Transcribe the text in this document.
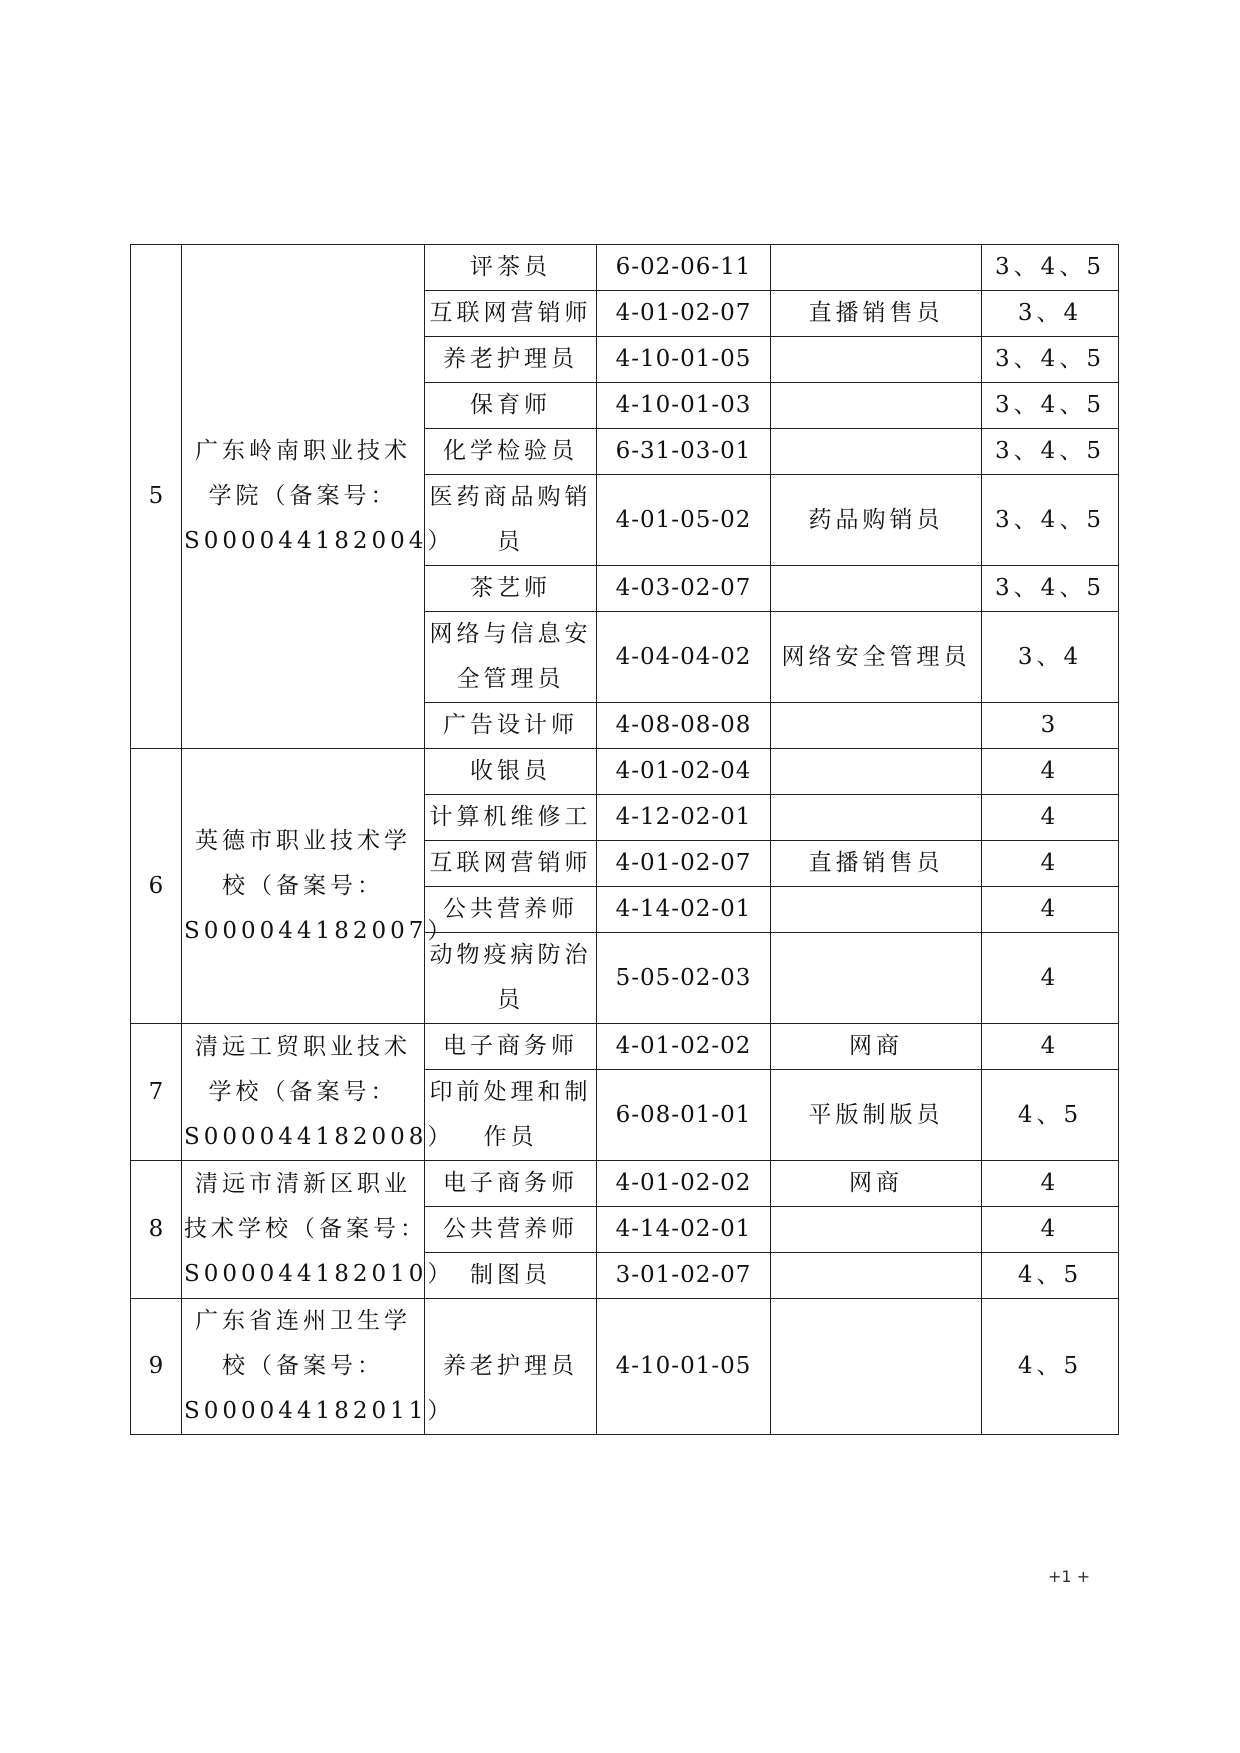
5	广东岭南职业技术
学院（备案号：
S000044182004）	评茶员	6-02-06-11		3、4、5
		互联网营销师	4-01-02-07	直播销售员	3、4
		养老护理员	4-10-01-05		3、4、5
		保育师	4-10-01-03		3、4、5
		化学检验员	6-31-03-01		3、4、5
		医药商品购销员	4-01-05-02	药品购销员	3、4、5
		茶艺师	4-03-02-07		3、4、5
		网络与信息安全管理员	4-04-04-02	网络安全管理员	3、4
		广告设计师	4-08-08-08		3
6	英德市职业技术学
校（备案号：
S000044182007）	收银员	4-01-02-04		4
		计算机维修工	4-12-02-01		4
		互联网营销师	4-01-02-07	直播销售员	4
		公共营养师	4-14-02-01		4
		动物疫病防治员	5-05-02-03		4
7	清远工贸职业技术
学校（备案号：
S000044182008）	电子商务师	4-01-02-02	网商	4
		印前处理和制作员	6-08-01-01	平版制版员	4、5
8	清远市清新区职业
技术学校（备案号：
S000044182010）	电子商务师	4-01-02-02	网商	4
		公共营养师	4-14-02-01		4
		制图员	3-01-02-07		4、5
9	广东省连州卫生学
校（备案号：
S000044182011）	养老护理员	4-10-01-05		4、5
+1 +
